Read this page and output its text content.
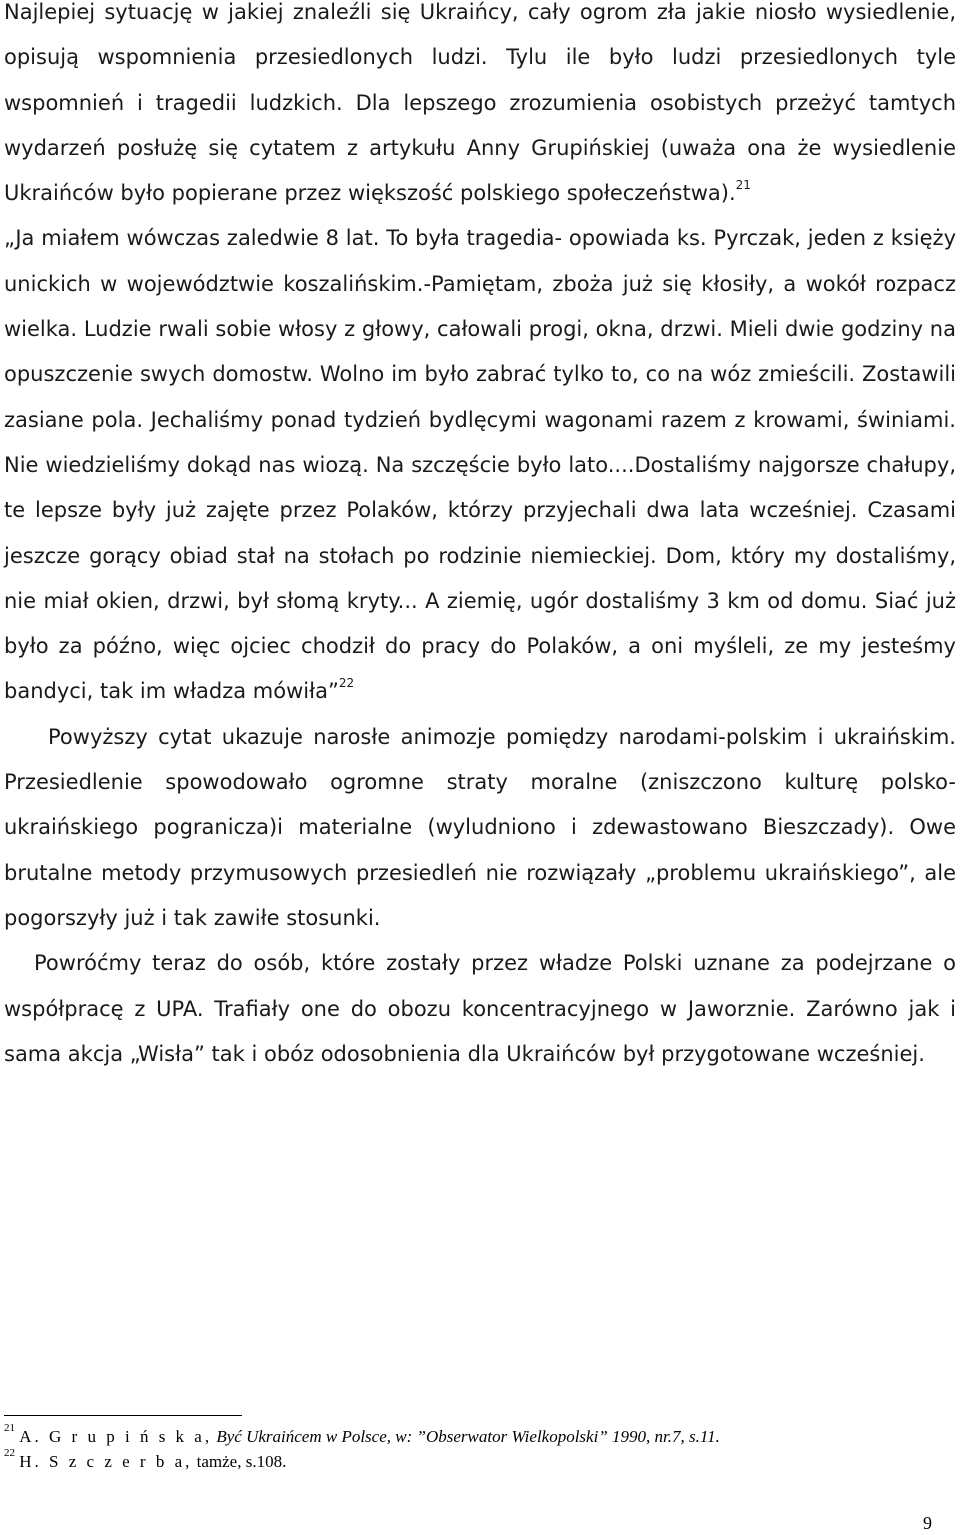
Najlepiej sytuację w jakiej znaleźli się Ukraińcy, cały ogrom zła jakie niosło wysiedlenie, opisują wspomnienia przesiedlonych ludzi. Tylu ile było ludzi przesiedlonych tyle wspomnień i tragedii ludzkich. Dla lepszego zrozumienia osobistych przeżyć tamtych wydarzeń posłużę się cytatem z artykułu Anny Grupińskiej (uważa ona że wysiedlenie Ukraińców było popierane przez większość polskiego społeczeństwa).$^{21}$

„Ja miałem wówczas zaledwie 8 lat. To była tragedia- opowiada ks. Pyrczak, jeden z księży unickich w województwie koszalińskim.-Pamiętam, zboża już się kłosiły, a wokół rozpacz wielka. Ludzie rwali sobie włosy z głowy, całowali progi, okna, drzwi. Mieli dwie godziny na opuszczenie swych domostw. Wolno im było zabrać tylko to, co na wóz zmieścili. Zostawili zasiane pola. Jechaliśmy ponad tydzień bydlęcymi wagonami razem z krowami, świniami. Nie wiedzieliśmy dokąd nas wiozą. Na szczęście było lato....Dostaliśmy najgorsze chałupy, te lepsze były już zajęte przez Polaków, którzy przyjechali dwa lata wcześniej. Czasami jeszcze gorący obiad stał na stołach po rodzinie niemieckiej. Dom, który my dostaliśmy, nie miał okien, drzwi, był słomą kryty... A ziemię, ugór dostaliśmy 3 km od domu. Siać już było za późno, więc ojciec chodził do pracy do Polaków, a oni myśleli, ze my jesteśmy bandyci, tak im władza mówiła”$^{22}$

Powyższy cytat ukazuje narosłe animozje pomiędzy narodami-polskim i ukraińskim. Przesiedlenie spowodowało ogromne straty moralne (zniszczono kulturę polsko-ukraińskiego pogranicza)i materialne (wyludniono i zdewastowano Bieszczady). Owe brutalne metody przymusowych przesiedleń nie rozwiązały „problemu ukraińskiego”, ale pogorszyły już i tak zawiłe stosunki.

Powróćmy teraz do osób, które zostały przez władze Polski uznane za podejrzane o współpracę z UPA. Trafiały one do obozu koncentracyjnego w Jaworznie. Zarówno jak i sama akcja „Wisła” tak i obóz odosobnienia dla Ukraińców był przygotowane wcześniej.

$^{21}$ A. G r u p i ń s k a, Być Ukraińcem w Polsce, w: ”Obserwator Wielkopolski” 1990, nr.7, s.11.
$^{22}$ H. S z c z e r b a, tamże, s.108.
9
